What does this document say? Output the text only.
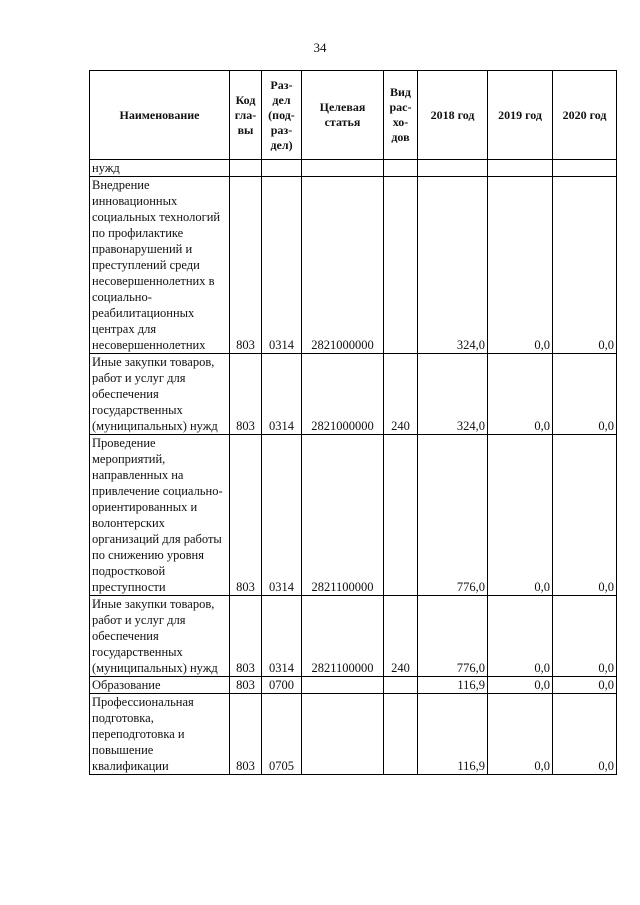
34
Наименование	Код гла- вы	Раз- дел (под- раз- дел)	Целевая статья	Вид рас- хо- дов	2018 год	2019 год	2020 год
нужд							
Внедрение инновационных социальных технологий по профилактике правонарушений и преступлений среди несовершеннолетних в социально-реабилитационных центрах для несовершеннолетних	803	0314	2821000000		324,0	0,0	0,0
Иные закупки товаров, работ и услуг для обеспечения государственных (муниципальных) нужд	803	0314	2821000000	240	324,0	0,0	0,0
Проведение мероприятий, направленных на привлечение социально-ориентированных и волонтерских организаций для работы по снижению уровня подростковой преступности	803	0314	2821100000		776,0	0,0	0,0
Иные закупки товаров, работ и услуг для обеспечения государственных (муниципальных) нужд	803	0314	2821100000	240	776,0	0,0	0,0
Образование	803	0700			116,9	0,0	0,0
Профессиональная подготовка, переподготовка и повышение квалификации	803	0705			116,9	0,0	0,0
